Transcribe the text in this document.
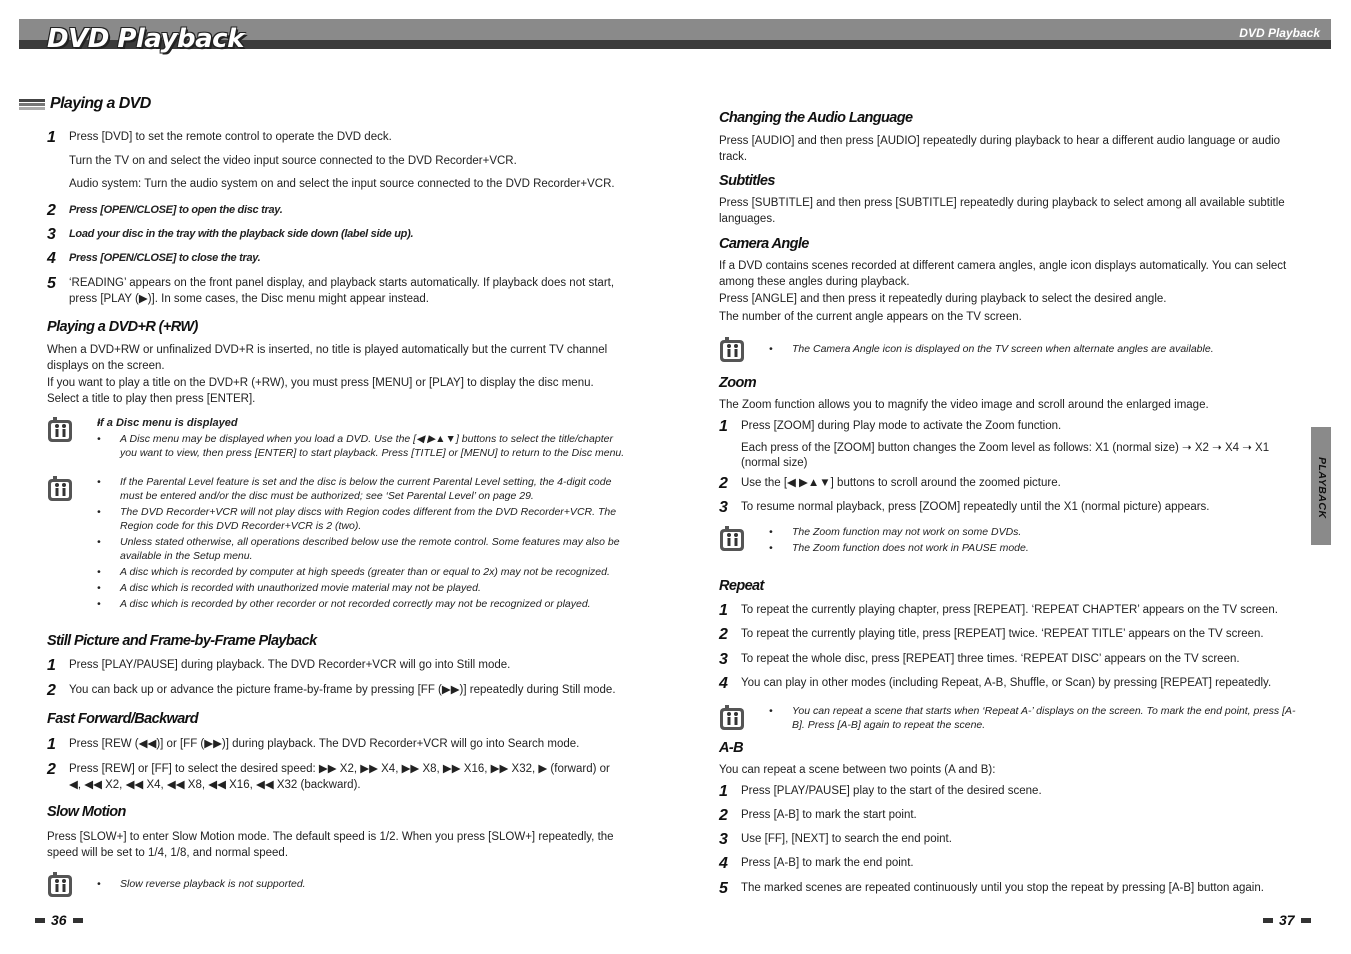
DVD Playback	DVD Playback
PLAYBACK
Playing a DVD
1	Press [DVD] to set the remote control to operate the DVD deck.
Turn the TV on and select the video input source connected to the DVD Recorder+VCR.
Audio system: Turn the audio system on and select the input source connected to the DVD Recorder+VCR.
2	Press [OPEN/CLOSE] to open the disc tray.
3	Load your disc in the tray with the playback side down (label side up).
4	Press [OPEN/CLOSE] to close the tray.
5	‘READING’ appears on the front panel display, and playback starts automatically. If playback does not start, press [PLAY (▶)]. In some cases, the Disc menu might appear instead.
Playing a DVD+R (+RW)
When a DVD+RW or unfinalized DVD+R is inserted, no title is played automatically but the current TV channel displays on the screen.
If you want to play a title on the DVD+R (+RW), you must press [MENU] or [PLAY] to display the disc menu. Select a title to play then press [ENTER].
• If a Disc menu is displayed
• A Disc menu may be displayed when you load a DVD. Use the [◀ ▶▲▼] buttons to select the title/chapter you want to view, then press [ENTER] to start playback. Press [TITLE] or [MENU] to return to the Disc menu.
• If the Parental Level feature is set and the disc is below the current Parental Level setting, the 4-digit code must be entered and/or the disc must be authorized; see ‘Set Parental Level’ on page 29.
• The DVD Recorder+VCR will not play discs with Region codes different from the DVD Recorder+VCR. The Region code for this DVD Recorder+VCR is 2 (two).
• Unless stated otherwise, all operations described below use the remote control. Some features may also be available in the Setup menu.
• A disc which is recorded by computer at high speeds (greater than or equal to 2x) may not be recognized.
• A disc which is recorded with unauthorized movie material may not be played.
• A disc which is recorded by other recorder or not recorded correctly may not be recognized or played.
Still Picture and Frame-by-Frame Playback
1	Press [PLAY/PAUSE] during playback. The DVD Recorder+VCR will go into Still mode.
2	You can back up or advance the picture frame-by-frame by pressing [FF (▶▶)] repeatedly during Still mode.
Fast Forward/Backward
1	Press [REW (◀◀)] or [FF (▶▶)] during playback. The DVD Recorder+VCR will go into Search mode.
2	Press [REW] or [FF] to select the desired speed: ▶▶ X2, ▶▶ X4, ▶▶ X8, ▶▶ X16, ▶▶ X32, ▶ (forward) or ◀, ◀◀ X2, ◀◀ X4, ◀◀ X8, ◀◀ X16, ◀◀ X32 (backward).
Slow Motion
Press [SLOW+] to enter Slow Motion mode. The default speed is 1/2. When you press [SLOW+] repeatedly, the speed will be set to 1/4, 1/8, and normal speed.
• Slow reverse playback is not supported.
36
Changing the Audio Language
Press [AUDIO] and then press [AUDIO] repeatedly during playback to hear a different audio language or audio track.
Subtitles
Press [SUBTITLE] and then press [SUBTITLE] repeatedly during playback to select among all available subtitle languages.
Camera Angle
If a DVD contains scenes recorded at different camera angles, angle icon displays automatically. You can select among these angles during playback.
Press [ANGLE] and then press it repeatedly during playback to select the desired angle.
The number of the current angle appears on the TV screen.
• The Camera Angle icon is displayed on the TV screen when alternate angles are available.
Zoom
The Zoom function allows you to magnify the video image and scroll around the enlarged image.
1	Press [ZOOM] during Play mode to activate the Zoom function.
Each press of the [ZOOM] button changes the Zoom level as follows: X1 (normal size) ➝ X2 ➝ X4 ➝ X1 (normal size)
2	Use the [◀ ▶▲▼] buttons to scroll around the zoomed picture.
3	To resume normal playback, press [ZOOM] repeatedly until the X1 (normal picture) appears.
• The Zoom function may not work on some DVDs.
• The Zoom function does not work in PAUSE mode.
Repeat
1	To repeat the currently playing chapter, press [REPEAT]. ‘REPEAT CHAPTER’ appears on the TV screen.
2	To repeat the currently playing title, press [REPEAT] twice. ‘REPEAT TITLE’ appears on the TV screen.
3	To repeat the whole disc, press [REPEAT] three times. ‘REPEAT DISC’ appears on the TV screen.
4	You can play in other modes (including Repeat, A-B, Shuffle, or Scan) by pressing [REPEAT] repeatedly.
• You can repeat a scene that starts when ‘Repeat A-’ displays on the screen. To mark the end point, press [A-B]. Press [A-B] again to repeat the scene.
A-B
You can repeat a scene between two points (A and B):
1	Press [PLAY/PAUSE] play to the start of the desired scene.
2	Press [A-B] to mark the start point.
3	Use [FF], [NEXT] to search the end point.
4	Press [A-B] to mark the end point.
5	The marked scenes are repeated continuously until you stop the repeat by pressing [A-B] button again.
37
